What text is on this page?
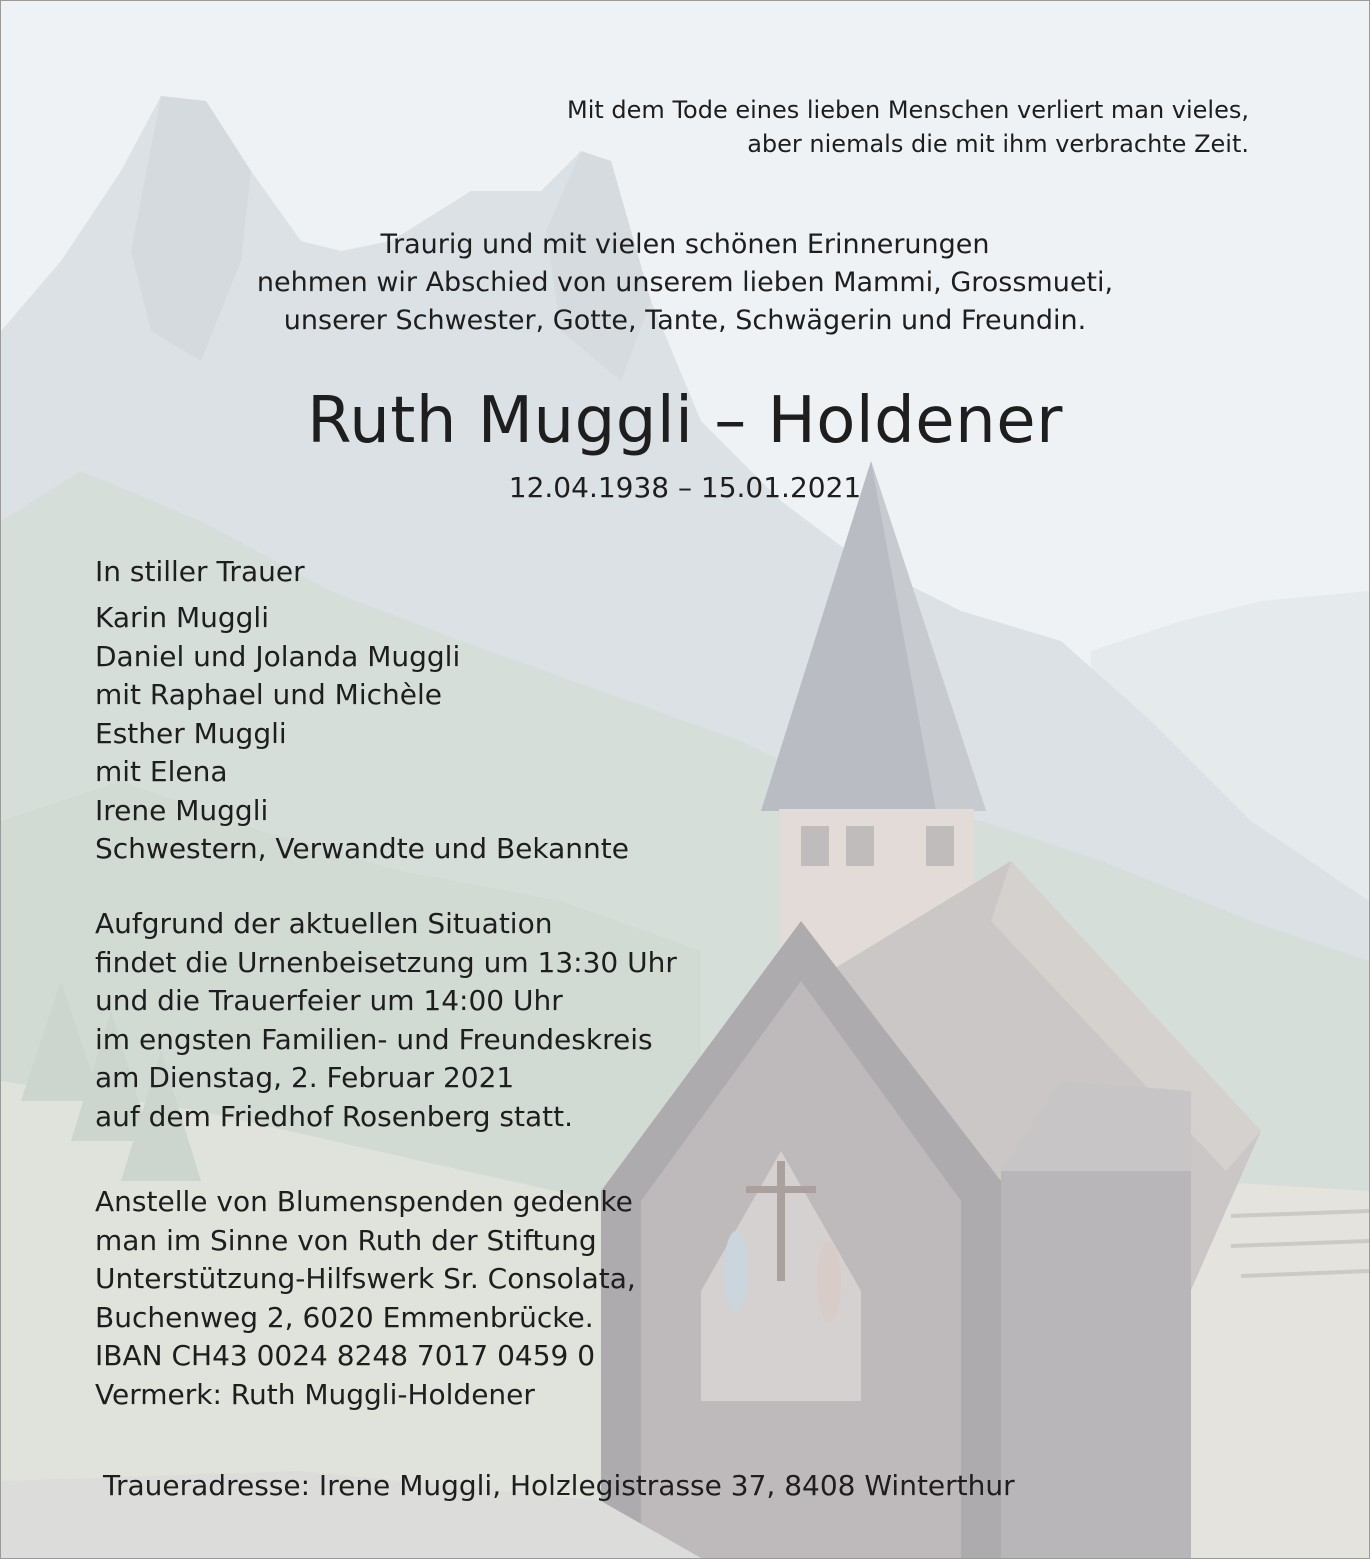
Mit dem Tode eines lieben Menschen verliert man vieles,
aber niemals die mit ihm verbrachte Zeit.
Traurig und mit vielen schönen Erinnerungen
nehmen wir Abschied von unserem lieben Mammi, Grossmueti,
unserer Schwester, Gotte, Tante, Schwägerin und Freundin.
Ruth Muggli – Holdener
12.04.1938 – 15.01.2021
In stiller Trauer
Karin Muggli
Daniel und Jolanda Muggli
mit Raphael und Michèle
Esther Muggli
mit Elena
Irene Muggli
Schwestern, Verwandte und Bekannte
Aufgrund der aktuellen Situation
findet die Urnenbeisetzung um 13:30 Uhr
und die Trauerfeier um 14:00 Uhr
im engsten Familien- und Freundeskreis
am Dienstag, 2. Februar 2021
auf dem Friedhof Rosenberg statt.
Anstelle von Blumenspenden gedenke
man im Sinne von Ruth der Stiftung
Unterstützung-Hilfswerk Sr. Consolata,
Buchenweg 2, 6020 Emmenbrücke.
IBAN CH43 0024 8248 7017 0459 0
Vermerk: Ruth Muggli-Holdener
Traueradresse: Irene Muggli, Holzlegistrasse 37, 8408 Winterthur
